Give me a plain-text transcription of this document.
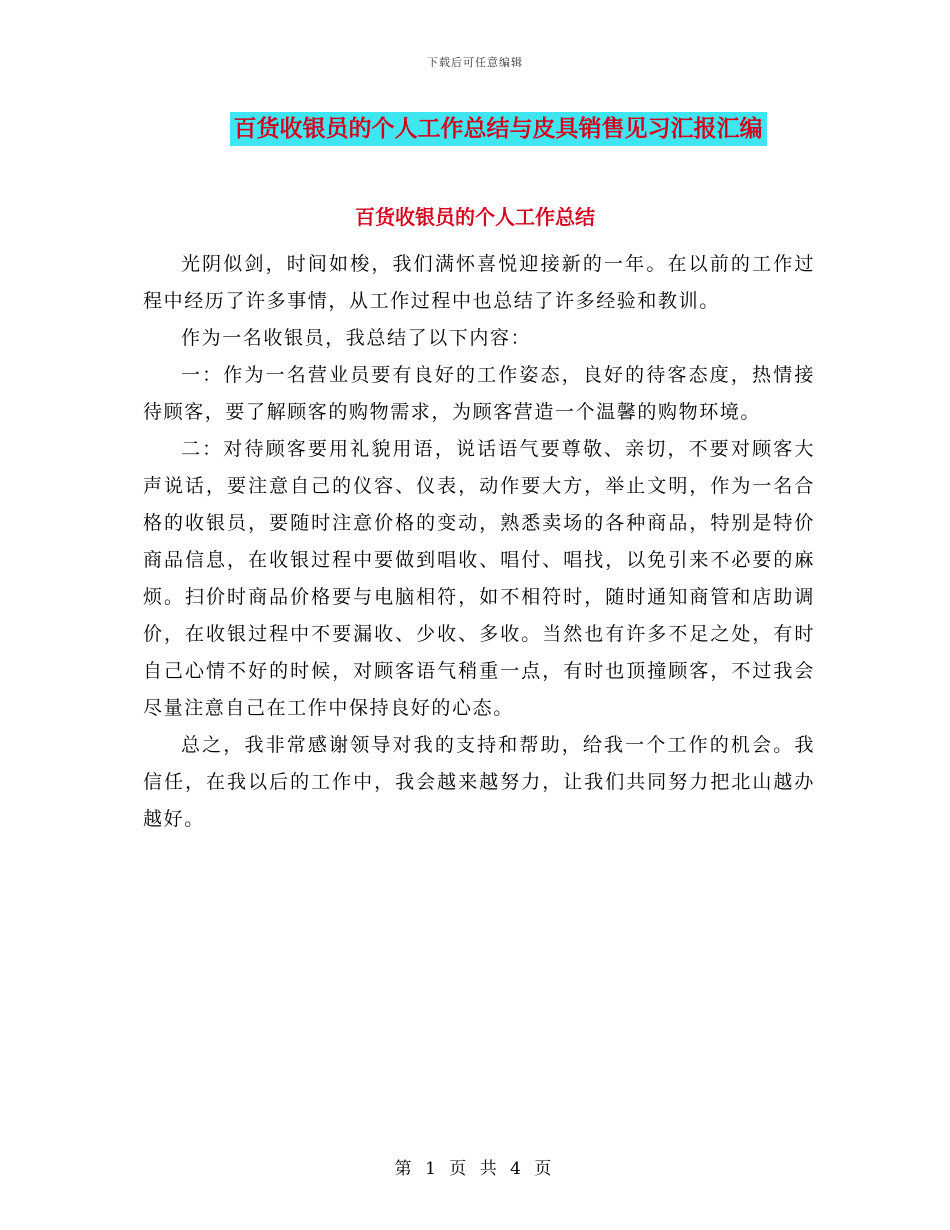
下载后可任意编辑
百货收银员的个人工作总结与皮具销售见习汇报汇编
百货收银员的个人工作总结

光阴似剑，时间如梭，我们满怀喜悦迎接新的一年。在以前的工作过程中经历了许多事情，从工作过程中也总结了许多经验和教训。

作为一名收银员，我总结了以下内容：

一：作为一名营业员要有良好的工作姿态，良好的待客态度，热情接待顾客，要了解顾客的购物需求，为顾客营造一个温馨的购物环境。

二：对待顾客要用礼貌用语，说话语气要尊敬、亲切，不要对顾客大声说话，要注意自己的仪容、仪表，动作要大方，举止文明，作为一名合格的收银员，要随时注意价格的变动，熟悉卖场的各种商品，特别是特价商品信息，在收银过程中要做到唱收、唱付、唱找，以免引来不必要的麻烦。扫价时商品价格要与电脑相符，如不相符时，随时通知商管和店助调价，在收银过程中不要漏收、少收、多收。当然也有许多不足之处，有时自己心情不好的时候，对顾客语气稍重一点，有时也顶撞顾客，不过我会尽量注意自己在工作中保持良好的心态。

总之，我非常感谢领导对我的支持和帮助，给我一个工作的机会。我信任，在我以后的工作中，我会越来越努力，让我们共同努力把北山越办越好。

第 1 页 共 4 页
